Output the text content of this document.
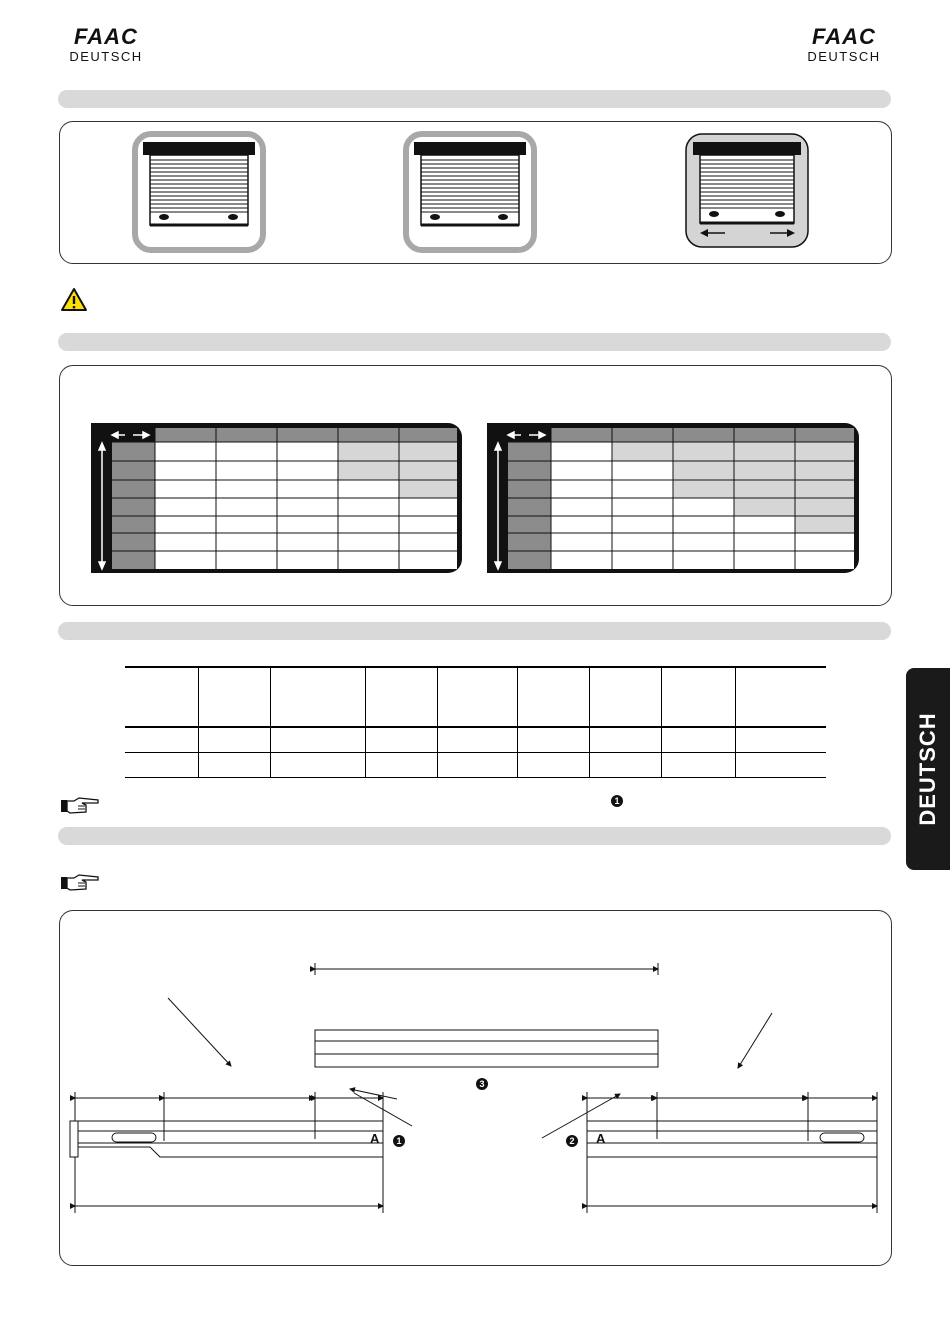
FAAC
DEUTSCH
FAAC
DEUTSCH

1	DEUTSCH
A	A
3
1	2
